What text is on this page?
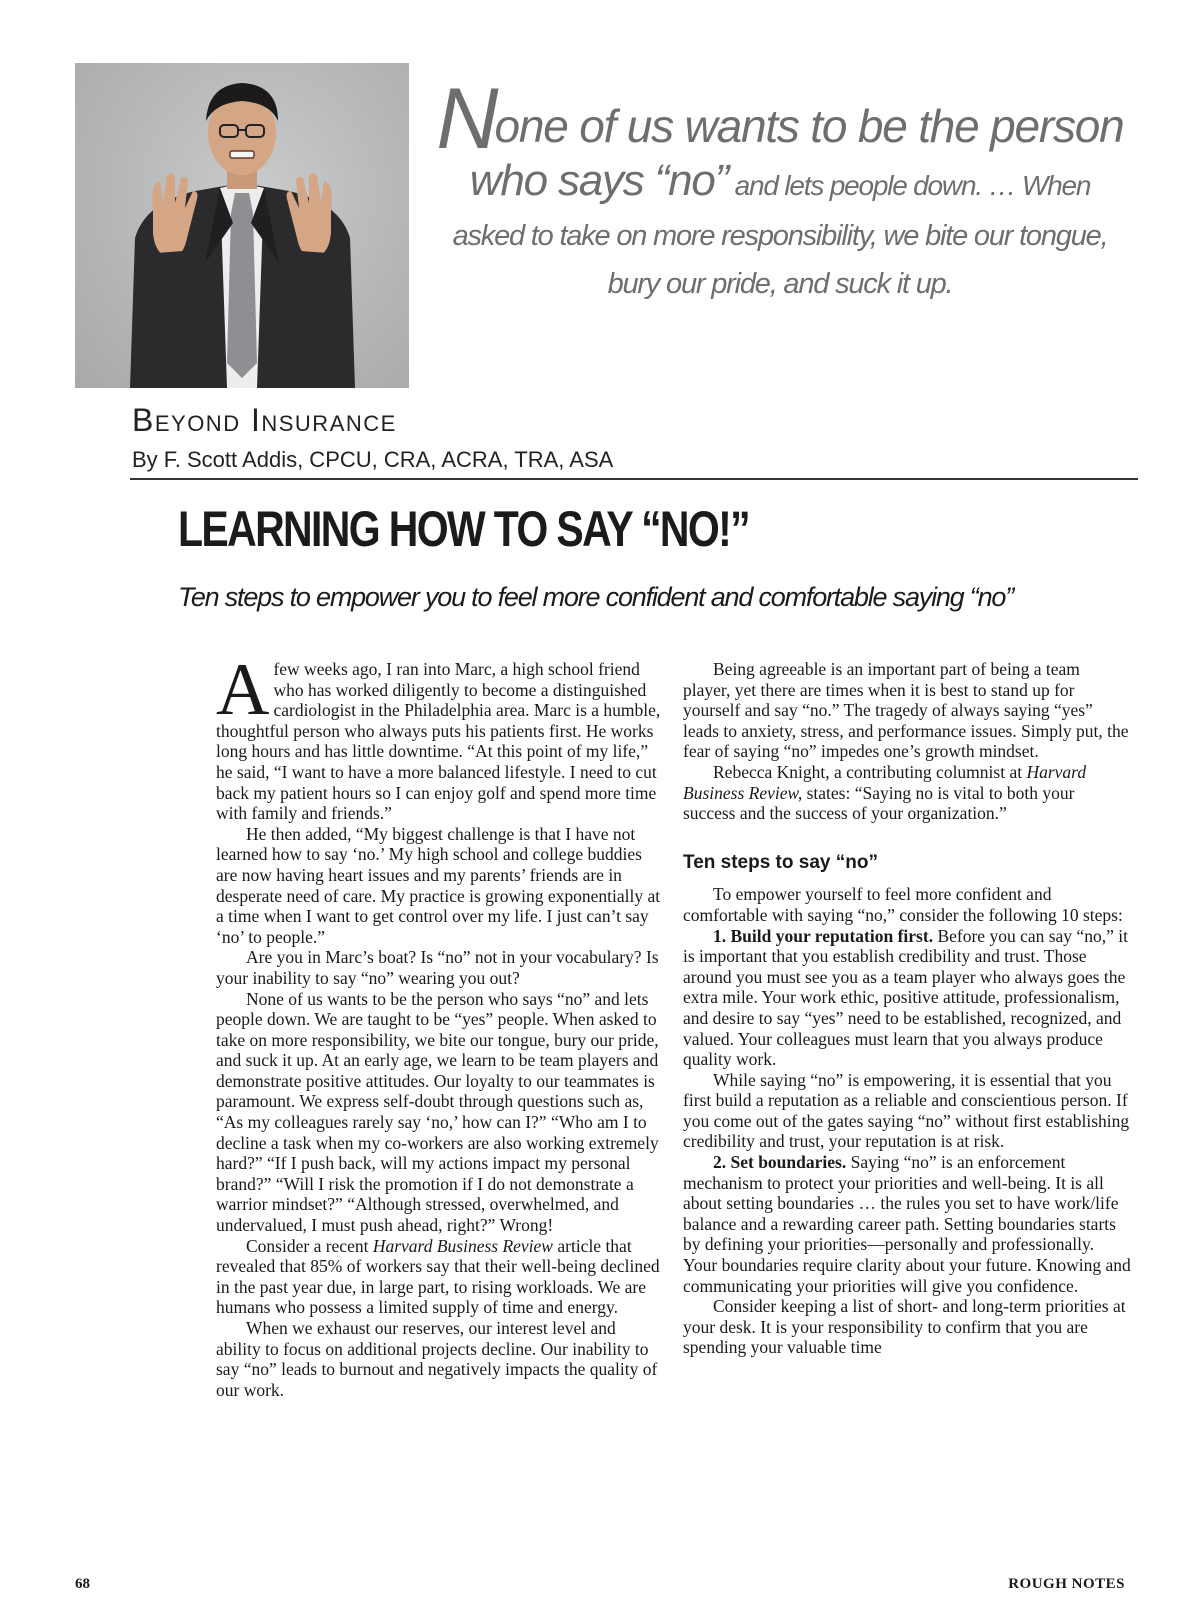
None of us wants to be the person
who says “no” and lets people down. … When
asked to take on more responsibility, we bite our tongue,
bury our pride, and suck it up.
Beyond Insurance
By F. Scott Addis, CPCU, CRA, ACRA, TRA, ASA
LEARNING HOW TO SAY “NO!”
Ten steps to empower you to feel more confident and comfortable saying “no”

Afew weeks ago, I ran into Marc, a high school friend who has worked diligently to become a distinguished cardiologist in the Philadelphia area. Marc is a humble, thoughtful person who always puts his patients first. He works long hours and has little downtime. “At this point of my life,” he said, “I want to have a more balanced lifestyle. I need to cut back my patient hours so I can enjoy golf and spend more time with family and friends.”

He then added, “My biggest challenge is that I have not learned how to say ‘no.’ My high school and college buddies are now having heart issues and my parents’ friends are in desperate need of care. My practice is growing exponentially at a time when I want to get control over my life. I just can’t say ‘no’ to people.”

Are you in Marc’s boat? Is “no” not in your vocabulary? Is your inability to say “no” wearing you out?

None of us wants to be the person who says “no” and lets people down. We are taught to be “yes” people. When asked to take on more responsibility, we bite our tongue, bury our pride, and suck it up. At an early age, we learn to be team players and demonstrate positive attitudes. Our loyalty to our teammates is paramount. We express self-doubt through questions such as, “As my colleagues rarely say ‘no,’ how can I?” “Who am I to decline a task when my co-workers are also working extremely hard?” “If I push back, will my actions impact my personal brand?” “Will I risk the promotion if I do not demonstrate a warrior mindset?” “Although stressed, overwhelmed, and undervalued, I must push ahead, right?” Wrong!

Consider a recent Harvard Business Review article that revealed that 85% of workers say that their well-being declined in the past year due, in large part, to rising workloads. We are humans who possess a limited supply of time and energy.

When we exhaust our reserves, our interest level and ability to focus on additional projects decline. Our inability to say “no” leads to burnout and negatively impacts the quality of our work.

Being agreeable is an important part of being a team player, yet there are times when it is best to stand up for yourself and say “no.” The tragedy of always saying “yes” leads to anxiety, stress, and performance issues. Simply put, the fear of saying “no” impedes one’s growth mindset.

Rebecca Knight, a contributing columnist at Harvard Business Review, states: “Saying no is vital to both your success and the success of your organization.”

Ten steps to say “no”

To empower yourself to feel more confident and comfortable with saying “no,” consider the following 10 steps:

1. Build your reputation first. Before you can say “no,” it is important that you establish credibility and trust. Those around you must see you as a team player who always goes the extra mile. Your work ethic, positive attitude, professionalism, and desire to say “yes” need to be established, recognized, and valued. Your colleagues must learn that you always produce quality work.

While saying “no” is empowering, it is essential that you first build a reputation as a reliable and conscientious person. If you come out of the gates saying “no” without first establishing credibility and trust, your reputation is at risk.

2. Set boundaries. Saying “no” is an enforcement mechanism to protect your priorities and well-being. It is all about setting boundaries … the rules you set to have work/life balance and a rewarding career path. Setting boundaries starts by defining your priorities—personally and professionally. Your boundaries require clarity about your future. Knowing and communicating your priorities will give you confidence.

Consider keeping a list of short- and long-term priorities at your desk. It is your responsibility to confirm that you are spending your valuable time

68	ROUGH NOTES
